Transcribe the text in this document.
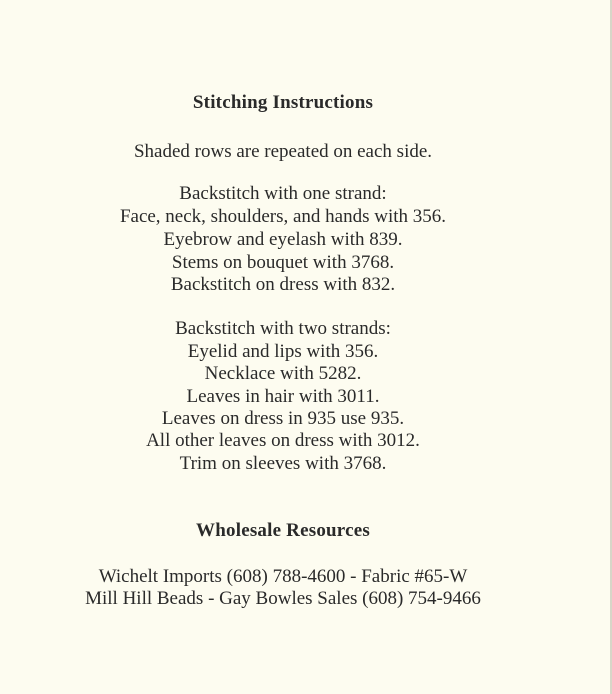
Stitching Instructions
Shaded rows are repeated on each side.
Backstitch with one strand:
Face, neck, shoulders, and hands with 356.
Eyebrow and eyelash with 839.
Stems on bouquet with 3768.
Backstitch on dress with 832.
Backstitch with two strands:
Eyelid and lips with 356.
Necklace with 5282.
Leaves in hair with 3011.
Leaves on dress in 935 use 935.
All other leaves on dress with 3012.
Trim on sleeves with 3768.
Wholesale Resources
Wichelt Imports (608) 788-4600 - Fabric #65-W
Mill Hill Beads - Gay Bowles Sales (608) 754-9466
